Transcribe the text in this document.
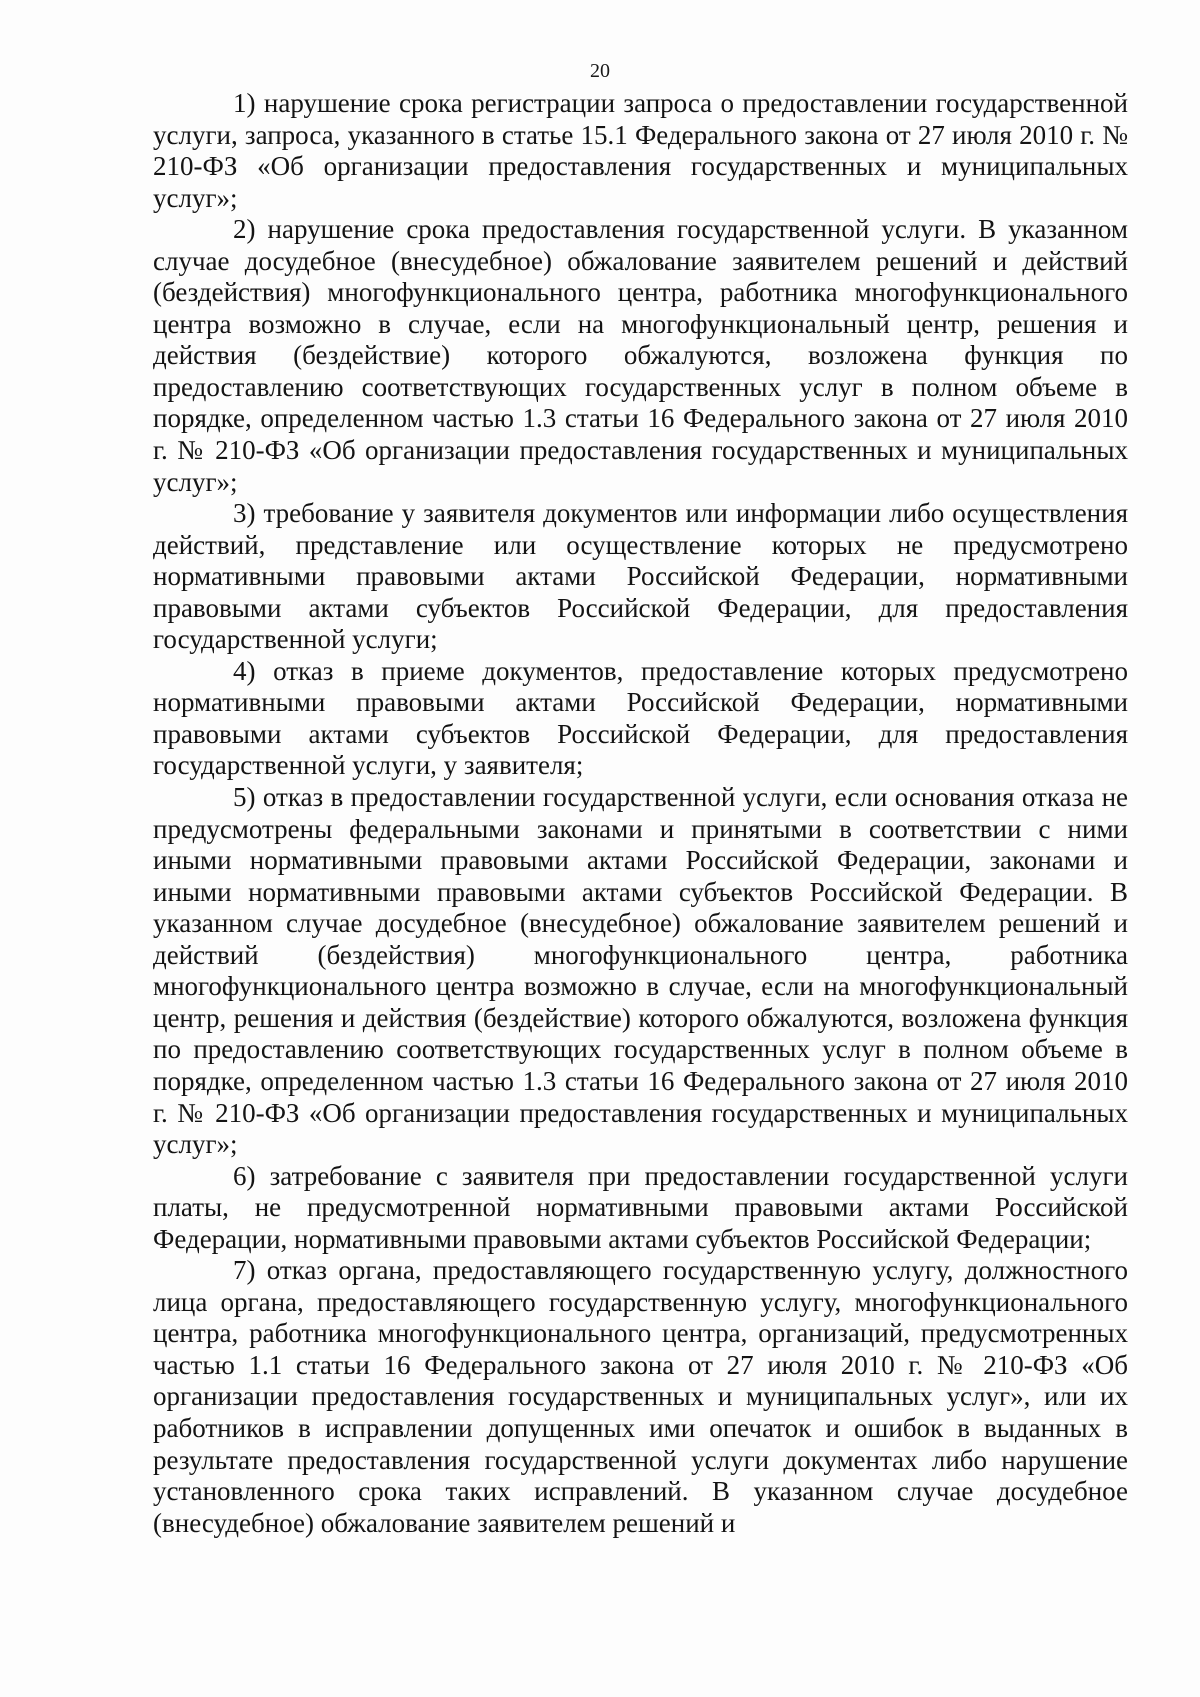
20

1) нарушение срока регистрации запроса о предоставлении государственной услуги, запроса, указанного в статье 15.1 Федерального закона от 27 июля 2010 г. № 210-ФЗ «Об организации предоставления государственных и муниципальных услуг»;

2) нарушение срока предоставления государственной услуги. В указанном случае досудебное (внесудебное) обжалование заявителем решений и действий (бездействия) многофункционального центра, работника многофункционального центра возможно в случае, если на многофункциональный центр, решения и действия (бездействие) которого обжалуются, возложена функция по предоставлению соответствующих государственных услуг в полном объеме в порядке, определенном частью 1.3 статьи 16 Федерального закона от 27 июля 2010 г. № 210-ФЗ «Об организации предоставления государственных и муниципальных услуг»;

3) требование у заявителя документов или информации либо осуществления действий, представление или осуществление которых не предусмотрено нормативными правовыми актами Российской Федерации, нормативными правовыми актами субъектов Российской Федерации, для предоставления государственной услуги;

4) отказ в приеме документов, предоставление которых предусмотрено нормативными правовыми актами Российской Федерации, нормативными правовыми актами субъектов Российской Федерации, для предоставления государственной услуги, у заявителя;

5) отказ в предоставлении государственной услуги, если основания отказа не предусмотрены федеральными законами и принятыми в соответствии с ними иными нормативными правовыми актами Российской Федерации, законами и иными нормативными правовыми актами субъектов Российской Федерации. В указанном случае досудебное (внесудебное) обжалование заявителем решений и действий (бездействия) многофункционального центра, работника многофункционального центра возможно в случае, если на многофункциональный центр, решения и действия (бездействие) которого обжалуются, возложена функция по предоставлению соответствующих государственных услуг в полном объеме в порядке, определенном частью 1.3 статьи 16 Федерального закона от 27 июля 2010 г. № 210-ФЗ «Об организации предоставления государственных и муниципальных услуг»;

6) затребование с заявителя при предоставлении государственной услуги платы, не предусмотренной нормативными правовыми актами Российской Федерации, нормативными правовыми актами субъектов Российской Федерации;

7) отказ органа, предоставляющего государственную услугу, должностного лица органа, предоставляющего государственную услугу, многофункционального центра, работника многофункционального центра, организаций, предусмотренных частью 1.1 статьи 16 Федерального закона от 27 июля 2010 г. № 210-ФЗ «Об организации предоставления государственных и муниципальных услуг», или их работников в исправлении допущенных ими опечаток и ошибок в выданных в результате предоставления государственной услуги документах либо нарушение установленного срока таких исправлений. В указанном случае досудебное (внесудебное) обжалование заявителем решений и
